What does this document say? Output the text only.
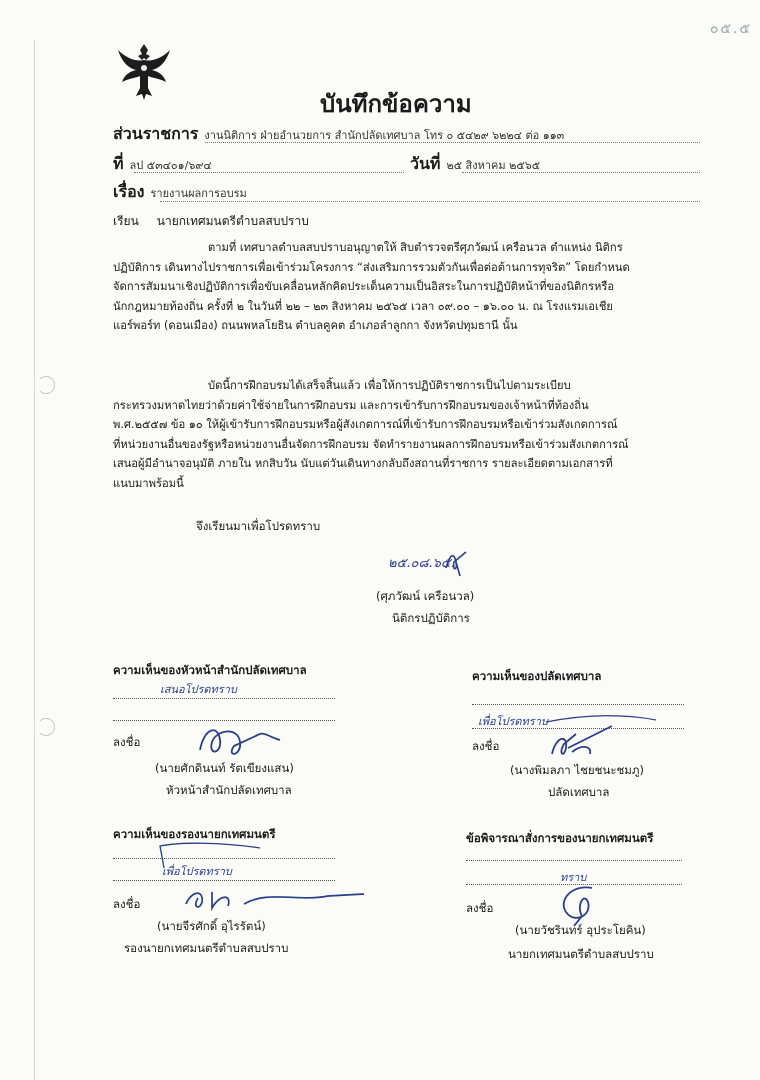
๐๕.๕
บันทึกข้อความ
ส่วนราชการ งานนิติการ ฝ่ายอำนวยการ สำนักปลัดเทศบาล โทร ๐ ๕๔๒๙ ๖๒๒๔ ต่อ ๑๑๓
ที่ ลป ๕๓๔๐๑/๖๙๔	วันที่ ๒๕ สิงหาคม ๒๕๖๕
เรื่อง รายงานผลการอบรม
เรียน นายกเทศมนตรีตำบลสบปราบ
ตามที่ เทศบาลตำบลสบปราบอนุญาตให้ สิบตำรวจตรีศุภวัฒน์ เครือนวล ตำแหน่ง นิติกร
ปฏิบัติการ เดินทางไปราชการเพื่อเข้าร่วมโครงการ “ส่งเสริมการรวมตัวกันเพื่อต่อต้านการทุจริต” โดยกำหนด
จัดการสัมมนาเชิงปฏิบัติการเพื่อขับเคลื่อนหลักคิดประเด็นความเป็นอิสระในการปฏิบัติหน้าที่ของนิติกรหรือ
นักกฎหมายท้องถิ่น ครั้งที่ ๒ ในวันที่ ๒๒ – ๒๓ สิงหาคม ๒๕๖๕ เวลา ๐๙.๐๐ – ๑๖.๐๐ น. ณ โรงแรมเอเชีย
แอร์พอร์ท (ดอนเมือง) ถนนพหลโยธิน ตำบลคูคต อำเภอลำลูกกา จังหวัดปทุมธานี นั้น
บัดนี้การฝึกอบรมได้เสร็จสิ้นแล้ว เพื่อให้การปฏิบัติราชการเป็นไปตามระเบียบ
กระทรวงมหาดไทยว่าด้วยค่าใช้จ่ายในการฝึกอบรม และการเข้ารับการฝึกอบรมของเจ้าหน้าที่ท้องถิ่น
พ.ศ.๒๕๕๗ ข้อ ๑๐ ให้ผู้เข้ารับการฝึกอบรมหรือผู้สังเกตการณ์ที่เข้ารับการฝึกอบรมหรือเข้าร่วมสังเกตการณ์
ที่หน่วยงานอื่นของรัฐหรือหน่วยงานอื่นจัดการฝึกอบรม จัดทำรายงานผลการฝึกอบรมหรือเข้าร่วมสังเกตการณ์
เสนอผู้มีอำนาจอนุมัติ ภายใน หกสิบวัน นับแต่วันเดินทางกลับถึงสถานที่ราชการ รายละเอียดตามเอกสารที่
แนบมาพร้อมนี้
จึงเรียนมาเพื่อโปรดทราบ
๒๕.๐๘.๖๕.
(ศุภวัฒน์ เครือนวล)
นิติกรปฏิบัติการ
ความเห็นของหัวหน้าสำนักปลัดเทศบาล
เสนอโปรดทราบ
ลงชื่อ
(นายศักดินนท์ รัตเขียงแสน)
หัวหน้าสำนักปลัดเทศบาล
ความเห็นของปลัดเทศบาล
เพื่อโปรดทราบ
ลงชื่อ
(นางพิมลภา ไชยชนะชมภู)
ปลัดเทศบาล
ความเห็นของรองนายกเทศมนตรี
เพื่อโปรดทราบ
ลงชื่อ
(นายจีรศักดิ์ อุไรรัตน์)
รองนายกเทศมนตรีตำบลสบปราบ
ข้อพิจารณาสั่งการของนายกเทศมนตรี
ทราบ
ลงชื่อ
(นายวัชรินทร์ อุประโยคิน)
นายกเทศมนตรีตำบลสบปราบ
